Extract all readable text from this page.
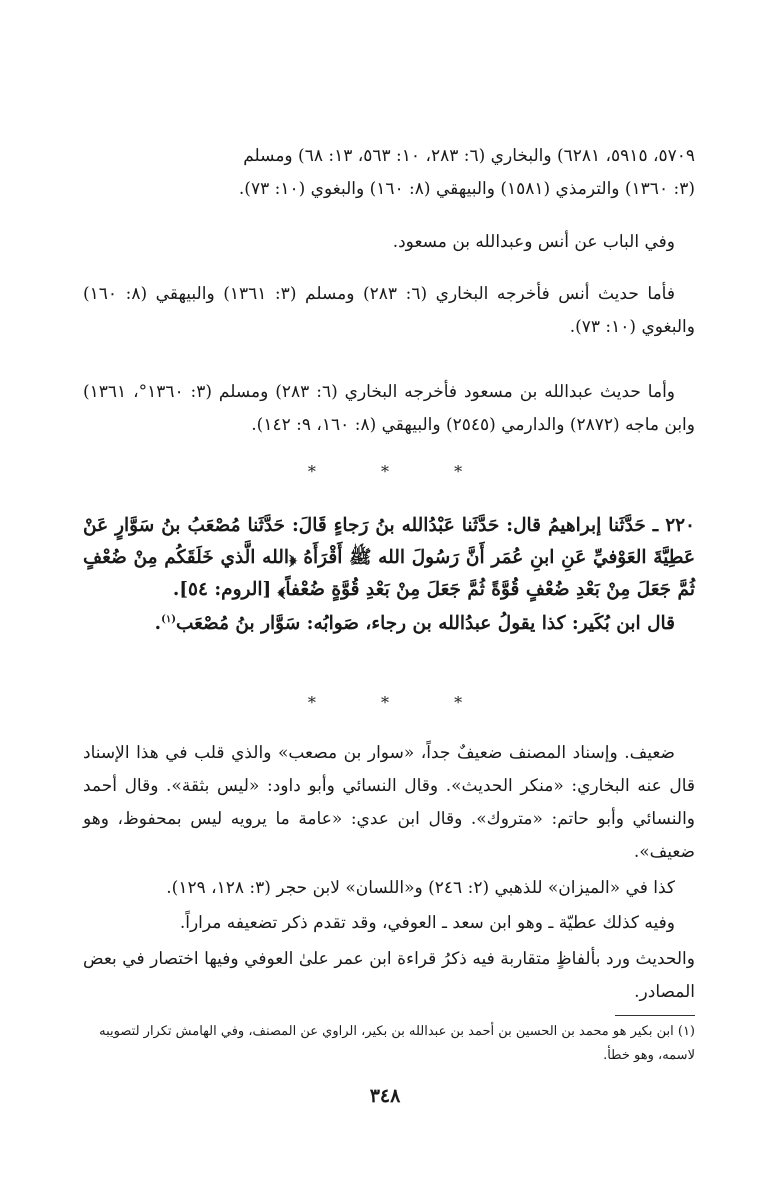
٥٧٠٩، ٥٩١٥، ٦٢٨١) والبخاري (٦: ٢٨٣، ١٠: ٥٦٣، ١٣: ٦٨) ومسلم
(٣: ١٣٦٠) والترمذي (١٥٨١) والبيهقي (٨: ١٦٠) والبغوي (١٠: ٧٣).

وفي الباب عن أنس وعبدالله بن مسعود.

فأما حديث أنس فأخرجه البخاري (٦: ٢٨٣) ومسلم (٣: ١٣٦١) والبيهقي (٨: ١٦٠) والبغوي (١٠: ٧٣).

وأما حديث عبدالله بن مسعود فأخرجه البخاري (٦: ٢٨٣) ومسلم (٣: ١٣٦٠°، ١٣٦١) وابن ماجه (٢٨٧٢) والدارمي (٢٥٤٥) والبيهقي (٨: ١٦٠، ٩: ١٤٢).

* * *

٢٢٠ ـ حَدَّثَنا إبراهيمُ قال: حَدَّثَنا عَبْدُالله بنُ رَجاءٍ قَالَ: حَدَّثَنا مُصْعَبُ بنُ سَوَّارٍ عَنْ عَطِيَّةَ العَوْفيِّ عَنِ ابنِ عُمَر أَنَّ رَسُولَ الله ﷺ أَقْرَأَهُ ﴿الله الَّذي خَلَقَكُم مِنْ ضُعْفٍ ثُمَّ جَعَلَ مِنْ بَعْدِ ضُعْفٍ قُوَّةً ثُمَّ جَعَلَ مِنْ بَعْدِ قُوَّةٍ ضُعْفاً﴾ [الروم: ٥٤].

قال ابن بُكَير: كذا يقولُ عبدُالله بن رجاء، صَوابُه: سَوَّار بنُ مُصْعَب$^{(١)}$.

* * *

ضعيف. وإسناد المصنف ضعيفٌ جداً، «سوار بن مصعب» والذي قلب في هذا الإسناد قال عنه البخاري: «منكر الحديث». وقال النسائي وأبو داود: «ليس بثقة». وقال أحمد والنسائي وأبو حاتم: «متروك». وقال ابن عدي: «عامة ما يرويه ليس بمحفوظ، وهو ضعيف».

كذا في «الميزان» للذهبي (٢: ٢٤٦) و«اللسان» لابن حجر (٣: ١٢٨، ١٢٩).

وفيه كذلك عطيّة ـ وهو ابن سعد ـ العوفي، وقد تقدم ذكر تضعيفه مراراً.

والحديث ورد بألفاظٍ متقاربة فيه ذكرُ قراءة ابن عمر علىٰ العوفي وفيها اختصار في بعض المصادر.

(١) ابن بكير هو محمد بن الحسين بن أحمد بن عبدالله بن بكير، الراوي عن المصنف، وفي الهامش تكرار لتصويبه لاسمه، وهو خطأ.

٣٤٨
